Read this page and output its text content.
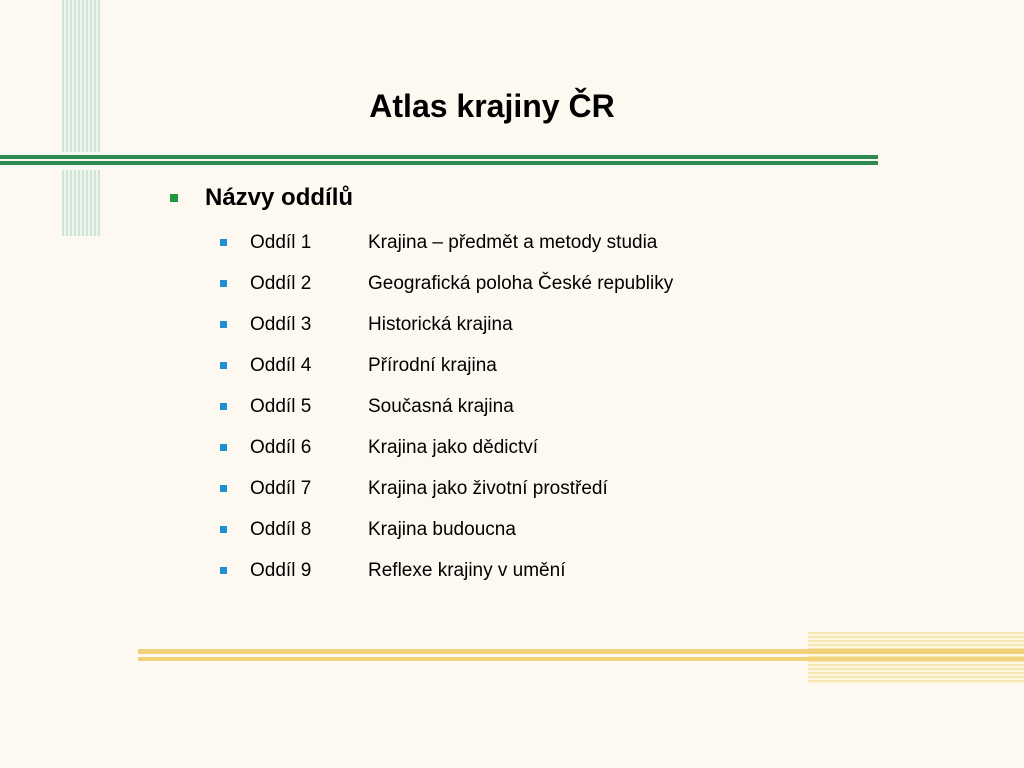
Atlas krajiny ČR
Názvy oddílů
Oddíl 1	Krajina – předmět a metody studia
Oddíl 2	Geografická poloha České republiky
Oddíl 3	Historická krajina
Oddíl 4	Přírodní krajina
Oddíl 5	Současná krajina
Oddíl 6	Krajina jako dědictví
Oddíl 7	Krajina jako životní prostředí
Oddíl 8	Krajina budoucna
Oddíl 9	Reflexe krajiny v umění
